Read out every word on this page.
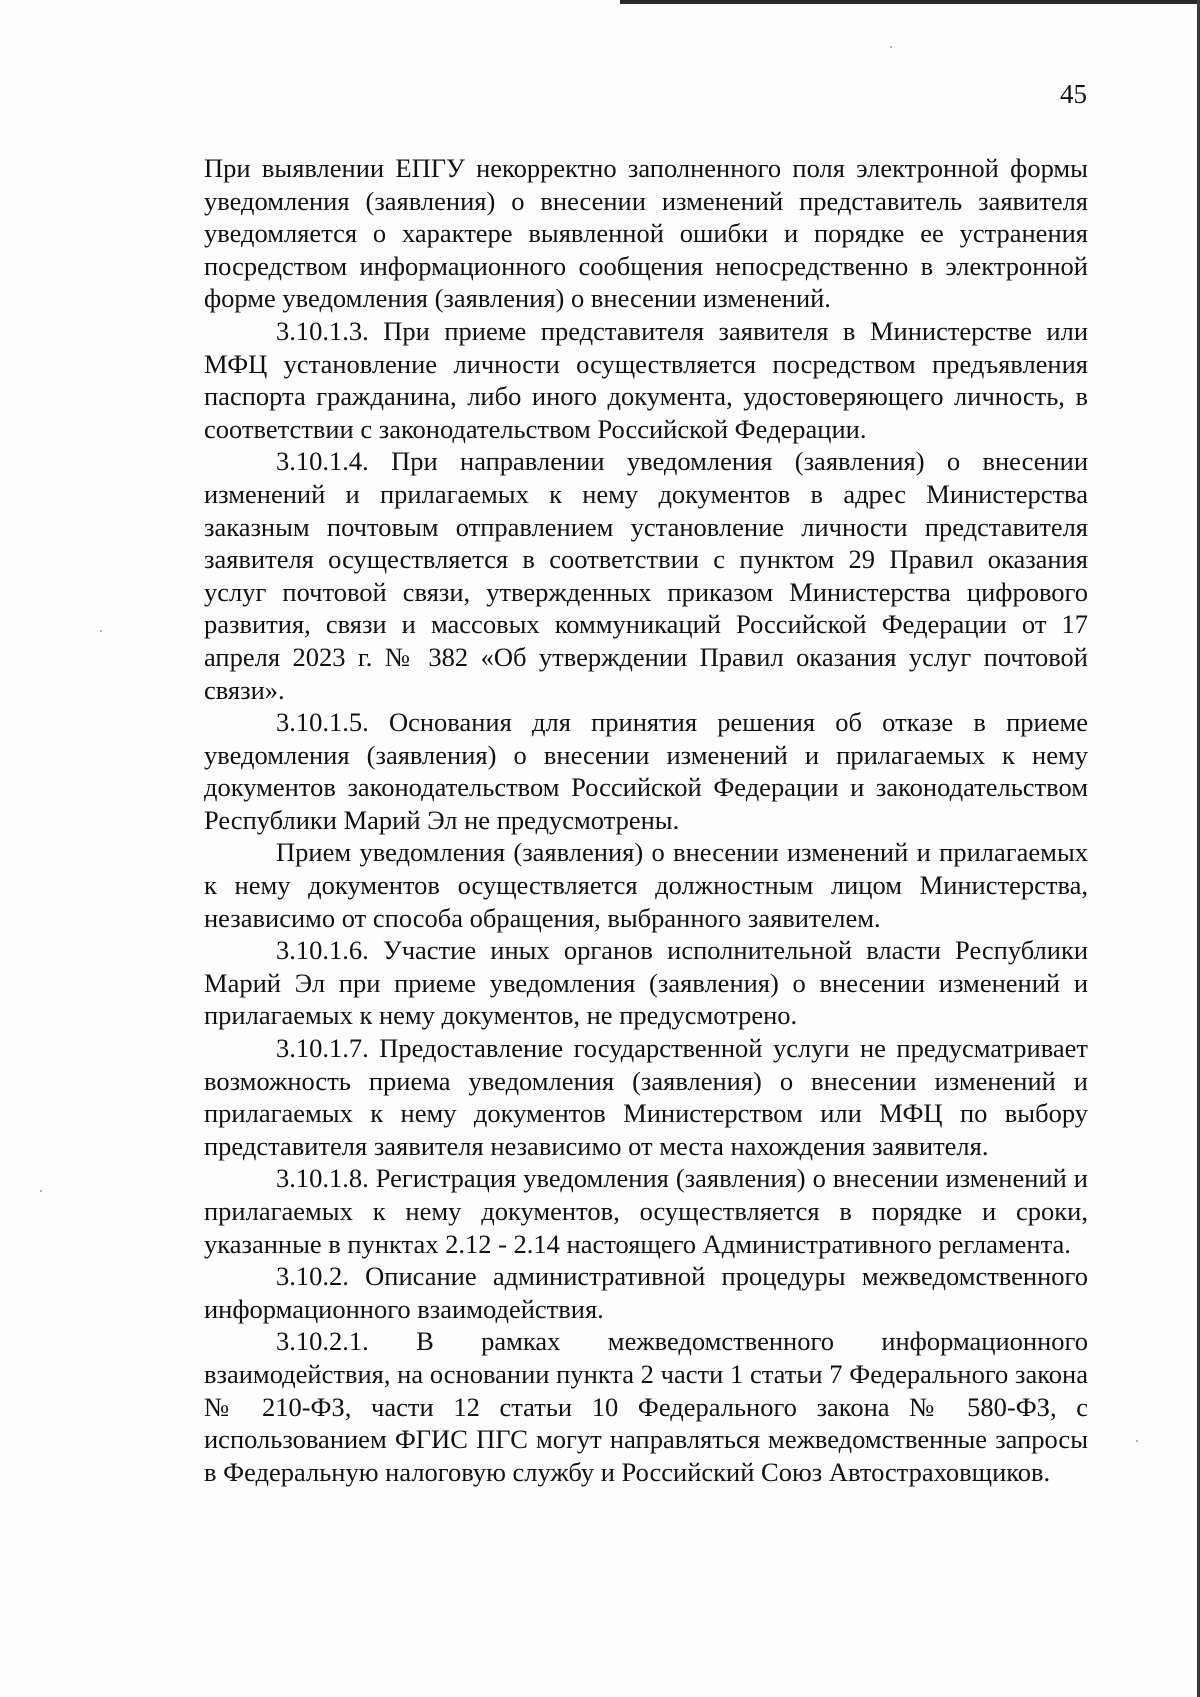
45

При выявлении ЕПГУ некорректно заполненного поля электронной формы уведомления (заявления) о внесении изменений представитель заявителя уведомляется о характере выявленной ошибки и порядке ее устранения посредством информационного сообщения непосредственно в электронной форме уведомления (заявления) о внесении изменений.

3.10.1.3. При приеме представителя заявителя в Министерстве или МФЦ установление личности осуществляется посредством предъявления паспорта гражданина, либо иного документа, удостоверяющего личность, в соответствии с законодательством Российской Федерации.

3.10.1.4. При направлении уведомления (заявления) о внесении изменений и прилагаемых к нему документов в адрес Министерства заказным почтовым отправлением установление личности представителя заявителя осуществляется в соответствии с пунктом 29 Правил оказания услуг почтовой связи, утвержденных приказом Министерства цифрового развития, связи и массовых коммуникаций Российской Федерации от 17 апреля 2023 г. № 382 «Об утверждении Правил оказания услуг почтовой связи».

3.10.1.5. Основания для принятия решения об отказе в приеме уведомления (заявления) о внесении изменений и прилагаемых к нему документов законодательством Российской Федерации и законодательством Республики Марий Эл не предусмотрены.

Прием уведомления (заявления) о внесении изменений и прилагаемых к нему документов осуществляется должностным лицом Министерства, независимо от способа обращения, выбранного заявителем.

3.10.1.6. Участие иных органов исполнительной власти Республики Марий Эл при приеме уведомления (заявления) о внесении изменений и прилагаемых к нему документов, не предусмотрено.

3.10.1.7. Предоставление государственной услуги не предусматривает возможность приема уведомления (заявления) о внесении изменений и прилагаемых к нему документов Министерством или МФЦ по выбору представителя заявителя независимо от места нахождения заявителя.

3.10.1.8. Регистрация уведомления (заявления) о внесении изменений и прилагаемых к нему документов, осуществляется в порядке и сроки, указанные в пунктах 2.12 - 2.14 настоящего Административного регламента.

3.10.2. Описание административной процедуры межведомственного информационного взаимодействия.

3.10.2.1. В рамках межведомственного информационного взаимодействия, на основании пункта 2 части 1 статьи 7 Федерального закона № 210-ФЗ, части 12 статьи 10 Федерального закона № 580-ФЗ, с использованием ФГИС ПГС могут направляться межведомственные запросы в Федеральную налоговую службу и Российский Союз Автостраховщиков.
